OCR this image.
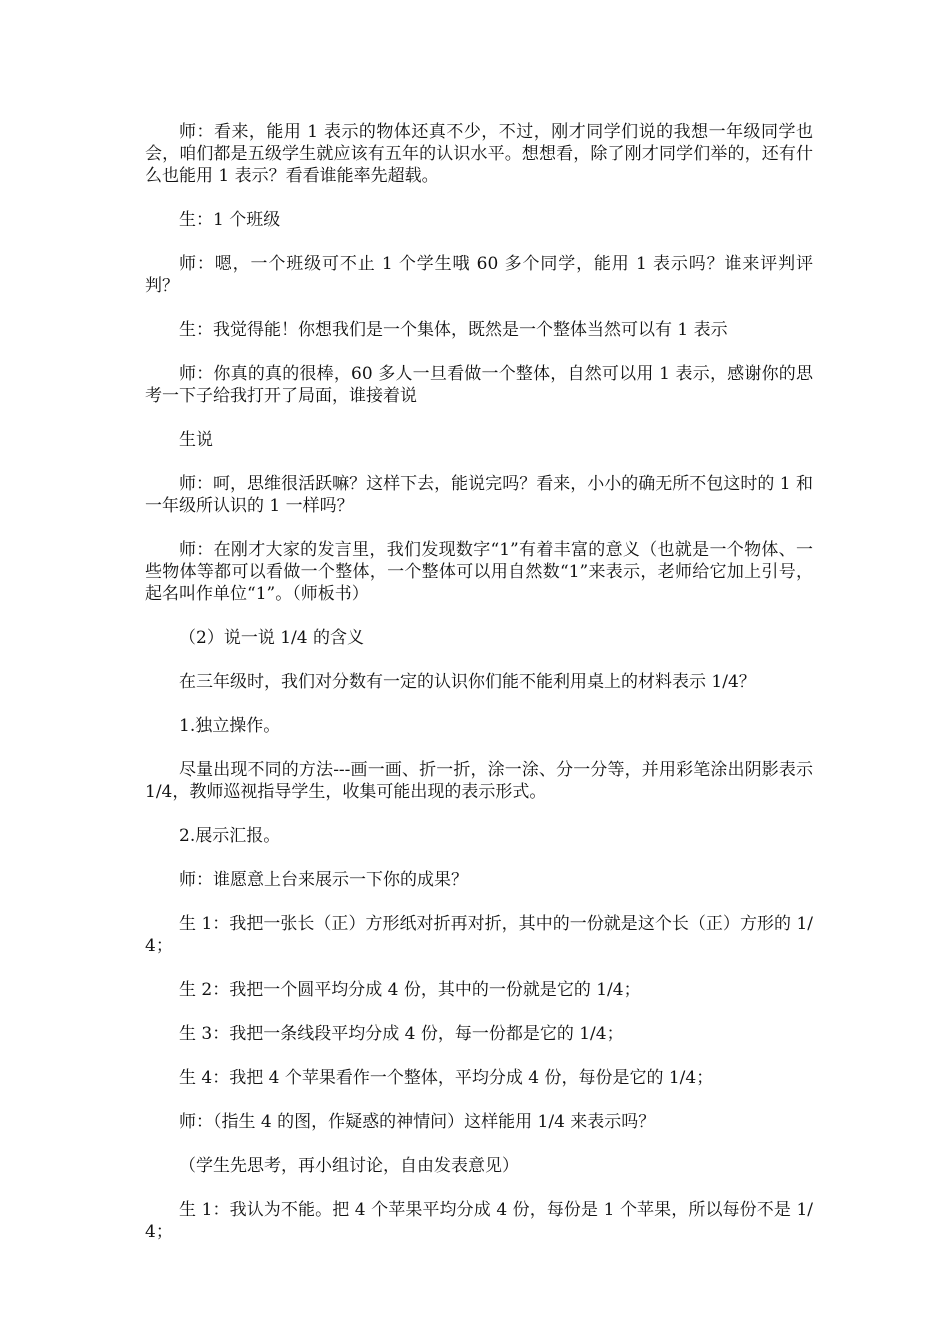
师：看来，能用 1 表示的物体还真不少，不过，刚才同学们说的我想一年级同学也会，咱们都是五级学生就应该有五年的认识水平。想想看，除了刚才同学们举的，还有什么也能用 1 表示？看看谁能率先超载。

生：1 个班级

师：嗯，一个班级可不止 1 个学生哦 60 多个同学，能用 1 表示吗？谁来评判评判？

生：我觉得能！你想我们是一个集体，既然是一个整体当然可以有 1 表示

师：你真的真的很棒，60 多人一旦看做一个整体，自然可以用 1 表示，感谢你的思考一下子给我打开了局面，谁接着说

生说

师：呵，思维很活跃嘛？这样下去，能说完吗？看来，小小的确无所不包这时的 1 和一年级所认识的 1 一样吗？

师：在刚才大家的发言里，我们发现数字“1”有着丰富的意义（也就是一个物体、一些物体等都可以看做一个整体，一个整体可以用自然数“1”来表示，老师给它加上引号，起名叫作单位“1”。（师板书）

（2）说一说 1/4 的含义

在三年级时，我们对分数有一定的认识你们能不能利用桌上的材料表示 1/4？

1.独立操作。

尽量出现不同的方法---画一画、折一折，涂一涂、分一分等，并用彩笔涂出阴影表示 1/4，教师巡视指导学生，收集可能出现的表示形式。

2.展示汇报。

师：谁愿意上台来展示一下你的成果？

生 1：我把一张长（正）方形纸对折再对折，其中的一份就是这个长（正）方形的 1/4；

生 2：我把一个圆平均分成 4 份，其中的一份就是它的 1/4；

生 3：我把一条线段平均分成 4 份，每一份都是它的 1/4；

生 4：我把 4 个苹果看作一个整体，平均分成 4 份，每份是它的 1/4；

师：（指生 4 的图，作疑惑的神情问）这样能用 1/4 来表示吗？

（学生先思考，再小组讨论，自由发表意见）

生 1：我认为不能。把 4 个苹果平均分成 4 份，每份是 1 个苹果，所以每份不是 1/4；
